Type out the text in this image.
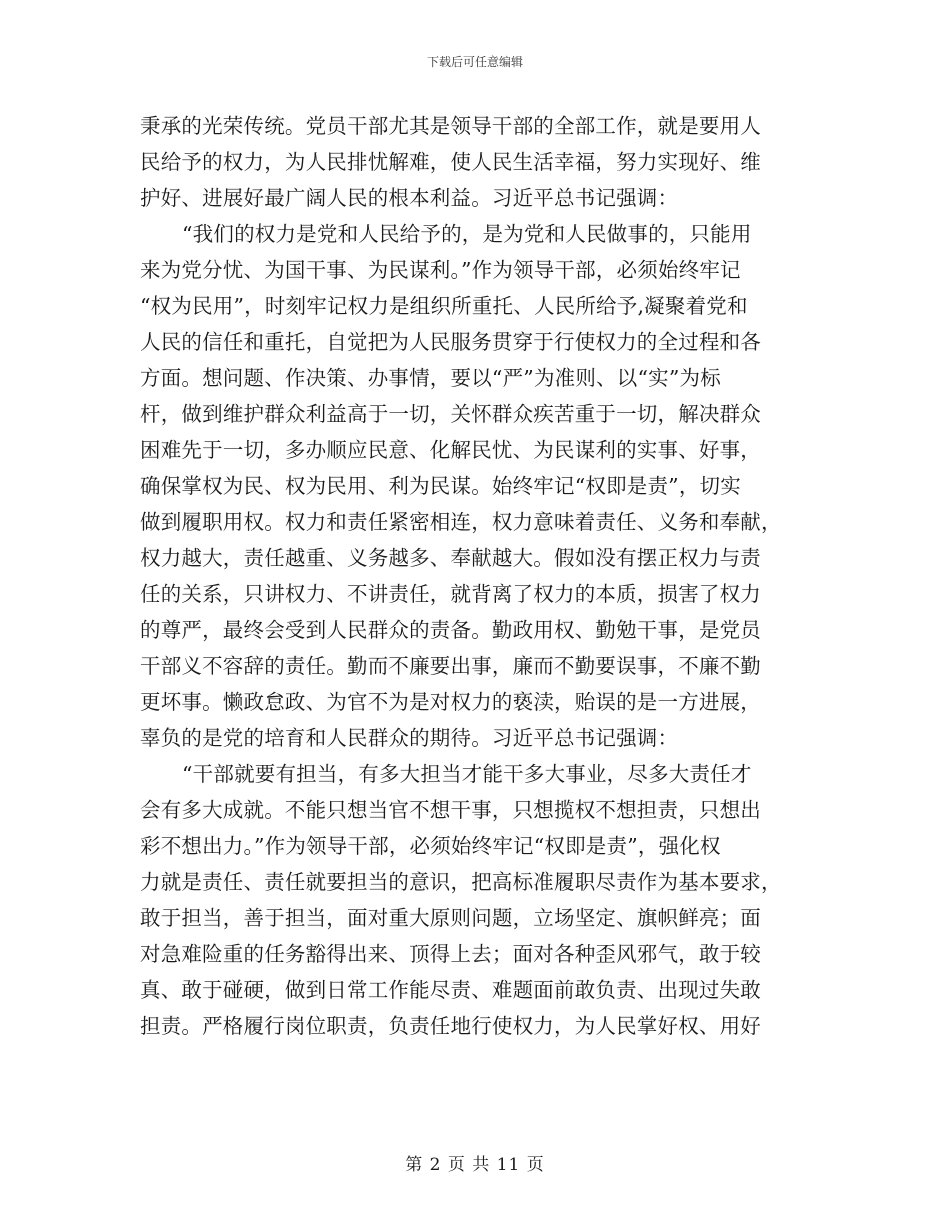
下载后可任意编辑
秉承的光荣传统。党员干部尤其是领导干部的全部工作，就是要用人
民给予的权力，为人民排忧解难，使人民生活幸福，努力实现好、维
护好、进展好最广阔人民的根本利益。习近平总书记强调：
“我们的权力是党和人民给予的，是为党和人民做事的，只能用
来为党分忧、为国干事、为民谋利。”作为领导干部，必须始终牢记
“权为民用”，时刻牢记权力是组织所重托、人民所给予,凝聚着党和
人民的信任和重托，自觉把为人民服务贯穿于行使权力的全过程和各
方面。想问题、作决策、办事情，要以“严”为准则、以“实”为标
杆，做到维护群众利益高于一切，关怀群众疾苦重于一切，解决群众
困难先于一切，多办顺应民意、化解民忧、为民谋利的实事、好事，
确保掌权为民、权为民用、利为民谋。始终牢记“权即是责”，切实
做到履职用权。权力和责任紧密相连，权力意味着责任、义务和奉献，
权力越大，责任越重、义务越多、奉献越大。假如没有摆正权力与责
任的关系，只讲权力、不讲责任，就背离了权力的本质，损害了权力
的尊严，最终会受到人民群众的责备。勤政用权、勤勉干事，是党员
干部义不容辞的责任。勤而不廉要出事，廉而不勤要误事，不廉不勤
更坏事。懒政怠政、为官不为是对权力的亵渎，贻误的是一方进展，
辜负的是党的培育和人民群众的期待。习近平总书记强调：
“干部就要有担当，有多大担当才能干多大事业，尽多大责任才
会有多大成就。不能只想当官不想干事，只想揽权不想担责，只想出
彩不想出力。”作为领导干部，必须始终牢记“权即是责”，强化权
力就是责任、责任就要担当的意识，把高标准履职尽责作为基本要求，
敢于担当，善于担当，面对重大原则问题，立场坚定、旗帜鲜亮；面
对急难险重的任务豁得出来、顶得上去；面对各种歪风邪气，敢于较
真、敢于碰硬，做到日常工作能尽责、难题面前敢负责、出现过失敢
担责。严格履行岗位职责，负责任地行使权力，为人民掌好权、用好
第 2 页 共 11 页
